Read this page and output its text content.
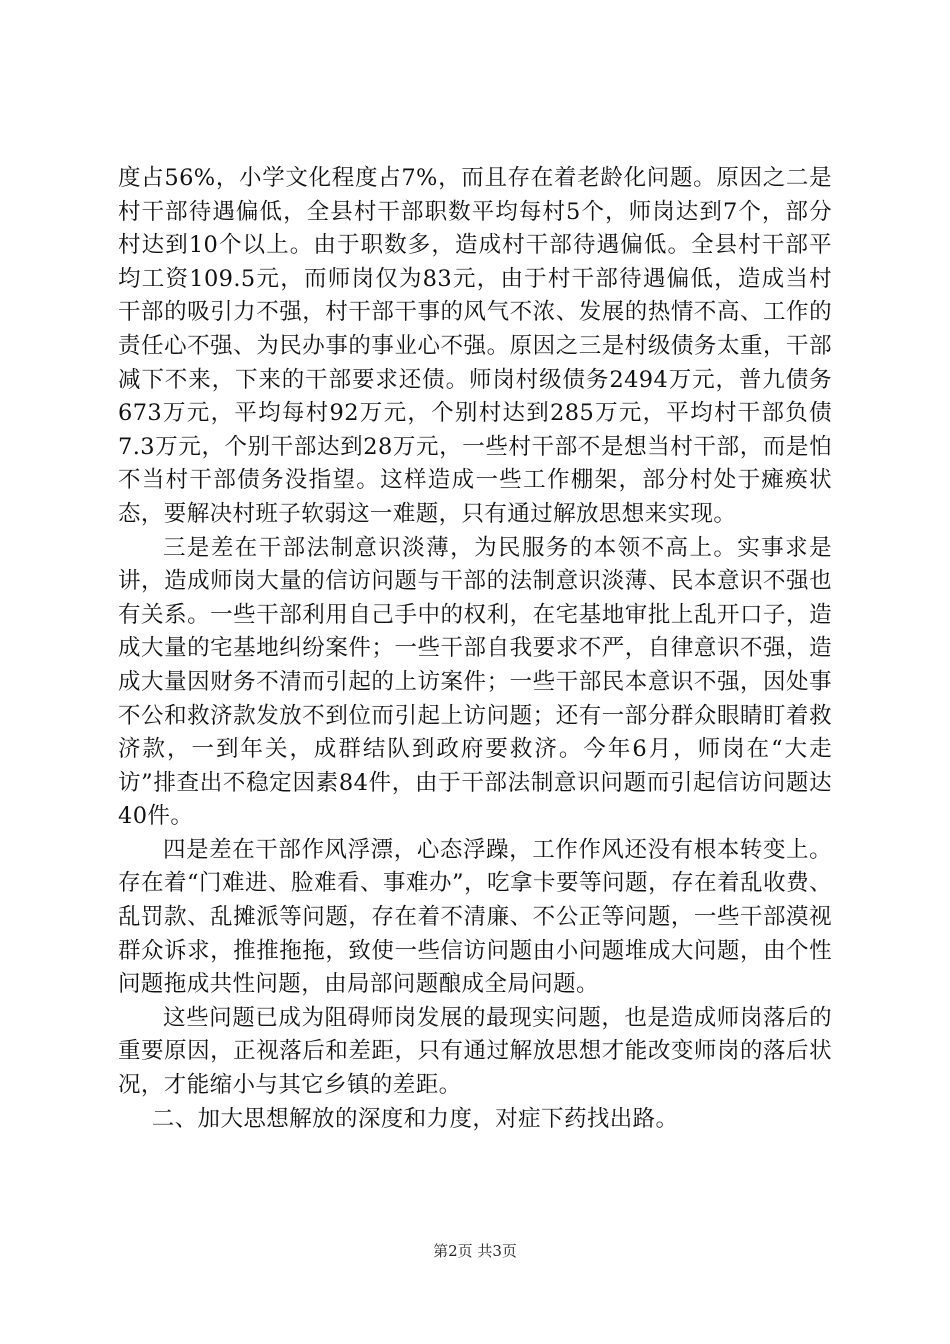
度占56%，小学文化程度占7%，而且存在着老龄化问题。原因之二是村干部待遇偏低，全县村干部职数平均每村5个，师岗达到7个，部分村达到10个以上。由于职数多，造成村干部待遇偏低。全县村干部平均工资109.5元，而师岗仅为83元，由于村干部待遇偏低，造成当村干部的吸引力不强，村干部干事的风气不浓、发展的热情不高、工作的责任心不强、为民办事的事业心不强。原因之三是村级债务太重，干部减下不来，下来的干部要求还债。师岗村级债务2494万元，普九债务673万元，平均每村92万元，个别村达到285万元，平均村干部负债7.3万元，个别干部达到28万元，一些村干部不是想当村干部，而是怕不当村干部债务没指望。这样造成一些工作棚架，部分村处于瘫痪状态，要解决村班子软弱这一难题，只有通过解放思想来实现。

三是差在干部法制意识淡薄，为民服务的本领不高上。实事求是讲，造成师岗大量的信访问题与干部的法制意识淡薄、民本意识不强也有关系。一些干部利用自己手中的权利，在宅基地审批上乱开口子，造成大量的宅基地纠纷案件；一些干部自我要求不严，自律意识不强，造成大量因财务不清而引起的上访案件；一些干部民本意识不强，因处事不公和救济款发放不到位而引起上访问题；还有一部分群众眼睛盯着救济款，一到年关，成群结队到政府要救济。今年6月，师岗在“大走访”排查出不稳定因素84件，由于干部法制意识问题而引起信访问题达40件。

四是差在干部作风浮漂，心态浮躁，工作作风还没有根本转变上。存在着“门难进、脸难看、事难办”，吃拿卡要等问题，存在着乱收费、乱罚款、乱摊派等问题，存在着不清廉、不公正等问题，一些干部漠视群众诉求，推推拖拖，致使一些信访问题由小问题堆成大问题，由个性问题拖成共性问题，由局部问题酿成全局问题。

这些问题已成为阻碍师岗发展的最现实问题，也是造成师岗落后的重要原因，正视落后和差距，只有通过解放思想才能改变师岗的落后状况，才能缩小与其它乡镇的差距。

二、加大思想解放的深度和力度，对症下药找出路。

第2页 共3页
